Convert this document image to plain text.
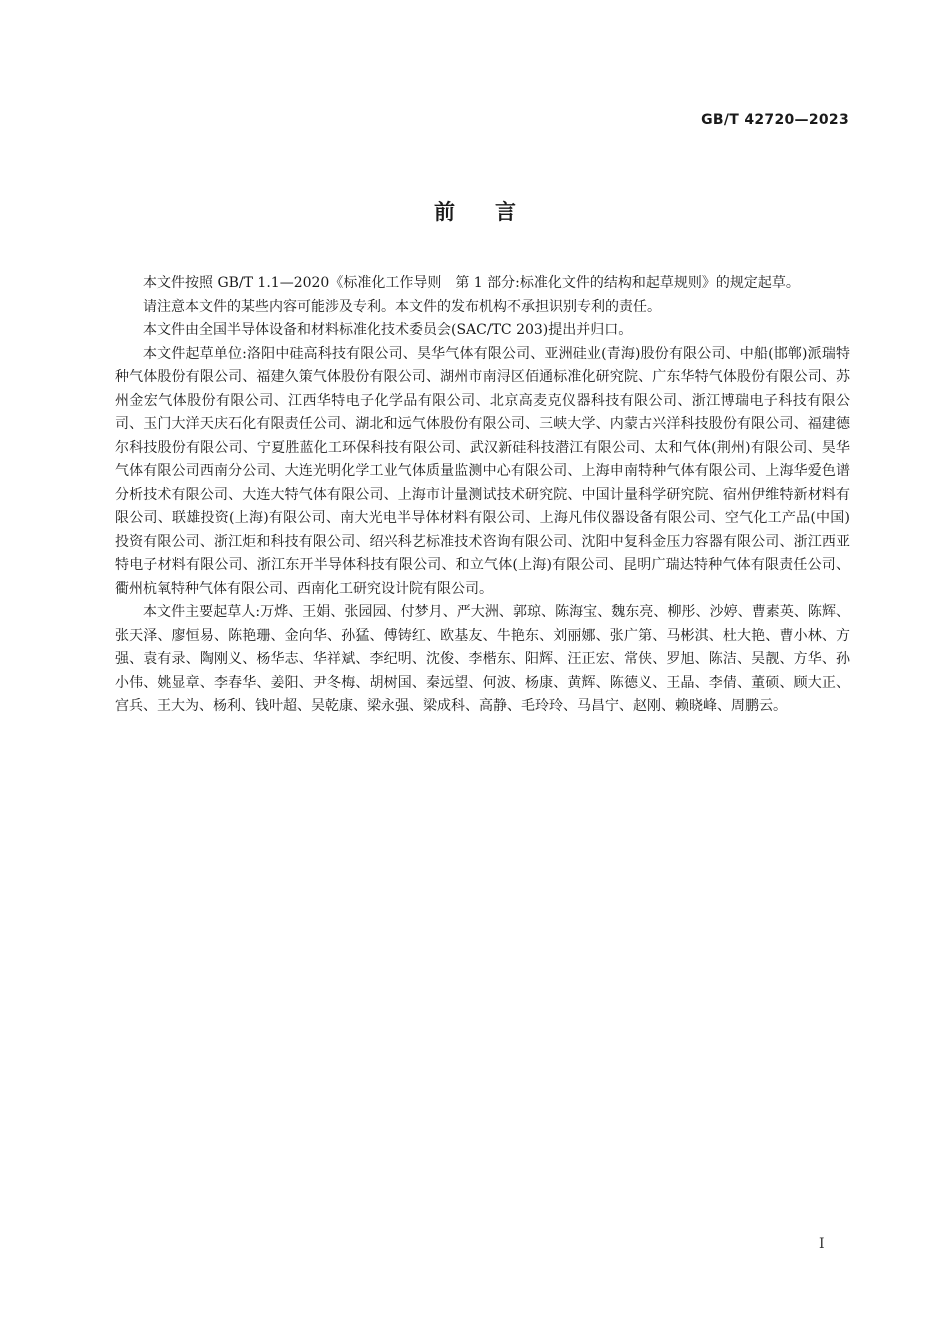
GB/T 42720—2023
前言

本文件按照 GB/T 1.1—2020《标准化工作导则　第 1 部分:标准化文件的结构和起草规则》的规定起草。

请注意本文件的某些内容可能涉及专利。本文件的发布机构不承担识别专利的责任。

本文件由全国半导体设备和材料标准化技术委员会(SAC/TC 203)提出并归口。

本文件起草单位:洛阳中硅高科技有限公司、昊华气体有限公司、亚洲硅业(青海)股份有限公司、中船(邯郸)派瑞特种气体股份有限公司、福建久策气体股份有限公司、湖州市南浔区佰通标准化研究院、广东华特气体股份有限公司、苏州金宏气体股份有限公司、江西华特电子化学品有限公司、北京高麦克仪器科技有限公司、浙江博瑞电子科技有限公司、玉门大洋天庆石化有限责任公司、湖北和远气体股份有限公司、三峡大学、内蒙古兴洋科技股份有限公司、福建德尔科技股份有限公司、宁夏胜蓝化工环保科技有限公司、武汉新硅科技潜江有限公司、太和气体(荆州)有限公司、昊华气体有限公司西南分公司、大连光明化学工业气体质量监测中心有限公司、上海申南特种气体有限公司、上海华爱色谱分析技术有限公司、大连大特气体有限公司、上海市计量测试技术研究院、中国计量科学研究院、宿州伊维特新材料有限公司、联雄投资(上海)有限公司、南大光电半导体材料有限公司、上海凡伟仪器设备有限公司、空气化工产品(中国)投资有限公司、浙江炬和科技有限公司、绍兴科艺标准技术咨询有限公司、沈阳中复科金压力容器有限公司、浙江西亚特电子材料有限公司、浙江东开半导体科技有限公司、和立气体(上海)有限公司、昆明广瑞达特种气体有限责任公司、衢州杭氧特种气体有限公司、西南化工研究设计院有限公司。

本文件主要起草人:万烨、王娟、张园园、付梦月、严大洲、郭琼、陈海宝、魏东亮、柳彤、沙婷、曹素英、陈辉、张天泽、廖恒易、陈艳珊、金向华、孙猛、傅铸红、欧基友、牛艳东、刘丽娜、张广第、马彬淇、杜大艳、曹小林、方强、袁有录、陶刚义、杨华志、华祥斌、李纪明、沈俊、李楷东、阳辉、汪正宏、常侠、罗旭、陈洁、吴靓、方华、孙小伟、姚显章、李春华、姜阳、尹冬梅、胡树国、秦远望、何波、杨康、黄辉、陈德义、王晶、李倩、董硕、顾大正、宫兵、王大为、杨利、钱叶超、吴乾康、梁永强、梁成科、高静、毛玲玲、马昌宁、赵刚、赖晓峰、周鹏云。

I
